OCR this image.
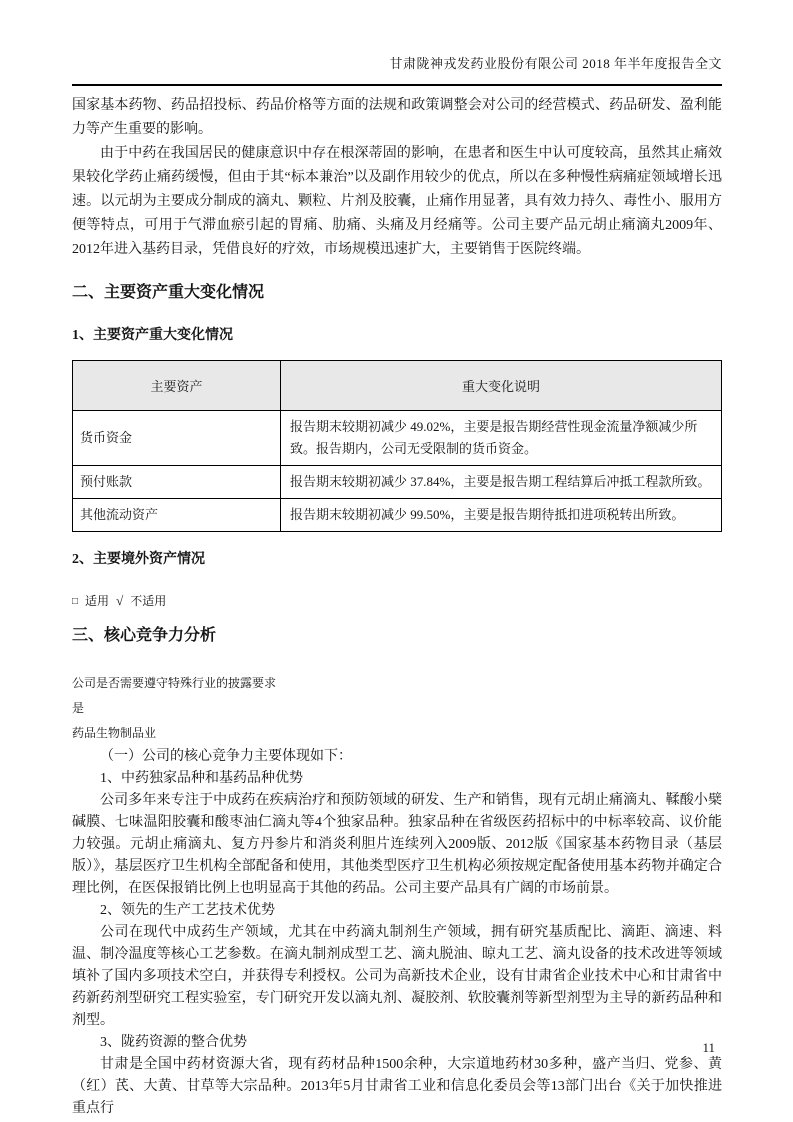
甘肃陇神戎发药业股份有限公司 2018 年半年度报告全文

国家基本药物、药品招投标、药品价格等方面的法规和政策调整会对公司的经营模式、药品研发、盈利能力等产生重要的影响。

由于中药在我国居民的健康意识中存在根深蒂固的影响，在患者和医生中认可度较高，虽然其止痛效果较化学药止痛药缓慢，但由于其“标本兼治”以及副作用较少的优点，所以在多种慢性病痛症领域增长迅速。以元胡为主要成分制成的滴丸、颗粒、片剂及胶囊，止痛作用显著，具有效力持久、毒性小、服用方便等特点，可用于气滞血瘀引起的胃痛、肋痛、头痛及月经痛等。公司主要产品元胡止痛滴丸2009年、2012年进入基药目录，凭借良好的疗效，市场规模迅速扩大，主要销售于医院终端。

二、主要资产重大变化情况
1、主要资产重大变化情况
主要资产	重大变化说明
货币资金	报告期末较期初减少 49.02%，主要是报告期经营性现金流量净额减少所致。报告期内，公司无受限制的货币资金。
预付账款	报告期末较期初减少 37.84%，主要是报告期工程结算后冲抵工程款所致。
其他流动资产	报告期末较期初减少 99.50%，主要是报告期待抵扣进项税转出所致。
2、主要境外资产情况

□ 适用 √ 不适用

三、核心竞争力分析

公司是否需要遵守特殊行业的披露要求

是

药品生物制品业

（一）公司的核心竞争力主要体现如下：

1、中药独家品种和基药品种优势

公司多年来专注于中成药在疾病治疗和预防领域的研发、生产和销售，现有元胡止痛滴丸、鞣酸小檗碱膜、七味温阳胶囊和酸枣油仁滴丸等4个独家品种。独家品种在省级医药招标中的中标率较高、议价能力较强。元胡止痛滴丸、复方丹参片和消炎利胆片连续列入2009版、2012版《国家基本药物目录（基层版）》，基层医疗卫生机构全部配备和使用，其他类型医疗卫生机构必须按规定配备使用基本药物并确定合理比例，在医保报销比例上也明显高于其他的药品。公司主要产品具有广阔的市场前景。

2、领先的生产工艺技术优势

公司在现代中成药生产领域，尤其在中药滴丸制剂生产领域，拥有研究基质配比、滴距、滴速、料温、制冷温度等核心工艺参数。在滴丸制剂成型工艺、滴丸脱油、晾丸工艺、滴丸设备的技术改进等领域填补了国内多项技术空白，并获得专利授权。公司为高新技术企业，设有甘肃省企业技术中心和甘肃省中药新药剂型研究工程实验室，专门研究开发以滴丸剂、凝胶剂、软胶囊剂等新型剂型为主导的新药品种和剂型。

3、陇药资源的整合优势

甘肃是全国中药材资源大省，现有药材品种1500余种，大宗道地药材30多种，盛产当归、党参、黄（红）芪、大黄、甘草等大宗品种。2013年5月甘肃省工业和信息化委员会等13部门出台《关于加快推进重点行

11
